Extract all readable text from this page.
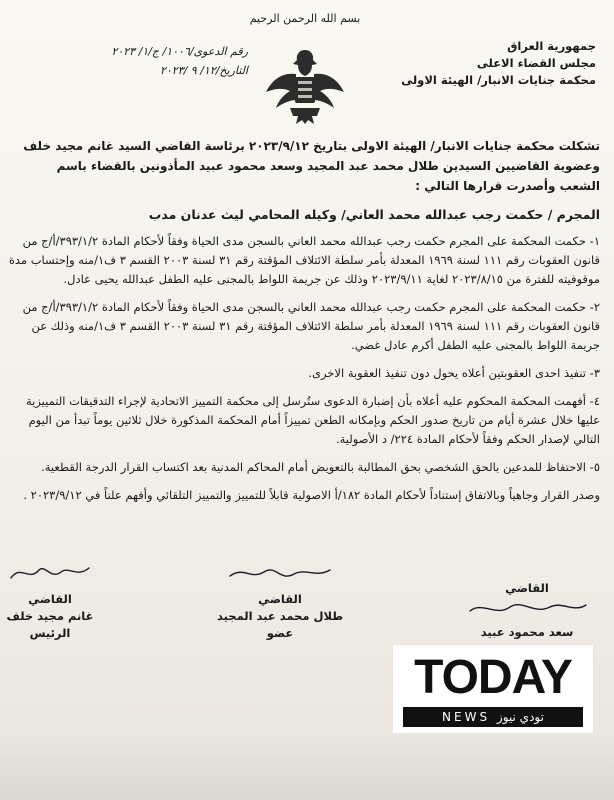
بسم الله الرحمن الرحيم
جمهورية العراق
مجلس القضاء الاعلى
محكمة جنايات الانبار/ الهيئة الاولى
رقم الدعوى/١٠٠٦/ ج/١/ ٢٠٢٣
التاريخ/١٢/ ٩ /٢٠٢٣
تشكلت محكمة جنايات الانبار/ الهيئة الاولى بتاريخ ٢٠٢٣/٩/١٢ برئاسة القاضي السيد غانم مجيد خلف وعضوية القاضيين السيدين طلال محمد عبد المجيد وسعد محمود عبيد المأذونين بالقضاء باسم الشعب وأصدرت قرارها التالي :
المجرم / حكمت رجب عبدالله محمد العاني/ وكيله المحامي ليث عدنان مدب
١- حكمت المحكمة على المجرم حكمت رجب عبدالله محمد العاني بالسجن مدى الحياة وفقاً لأحكام المادة ٣٩٣/١/٢/أ/ج من قانون العقوبات رقم ١١١ لسنة ١٩٦٩ المعدلة بأمر سلطة الائتلاف المؤقتة رقم ٣١ لسنة ٢٠٠٣ القسم ٣ ف١/منه وإحتساب مدة موقوفيته للفترة من ٢٠٢٣/٨/١٥ لغاية ٢٠٢٣/٩/١١ وذلك عن جريمة اللواط بالمجنى عليه الطفل عبدالله يحيى عادل.
٢- حكمت المحكمة على المجرم حكمت رجب عبدالله محمد العاني بالسجن مدى الحياة وفقاً لأحكام المادة ٣٩٣/١/٢/أ/ج من قانون العقوبات رقم ١١١ لسنة ١٩٦٩ المعدلة بأمر سلطة الائتلاف المؤقتة رقم ٣١ لسنة ٢٠٠٣ القسم ٣ ف١/منه وذلك عن جريمة اللواط بالمجنى عليه الطفل أكرم عادل غضي.
٣- تنفيذ احدى العقوبتين أعلاه يحول دون تنفيذ العقوبة الاخرى.
٤- أفهمت المحكمة المحكوم عليه أعلاه بأن إضبارة الدعوى ستُرسل إلى محكمة التمييز الاتحادية لإجراء التدقيقات التمييزية عليها خلال عشرة أيام من تاريخ صدور الحكم وبإمكانه الطعن تمييزاً أمام المحكمة المذكورة خلال ثلاثين يوماً تبدأ من اليوم التالي لإصدار الحكم وفقاً لأحكام المادة ٢٢٤/ د الأصولية.
٥- الاحتفاظ للمدعين بالحق الشخصي بحق المطالبة بالتعويض أمام المحاكم المدنية بعد اكتساب القرار الدرجة القطعية.
وصدر القرار وجاهياً وبالاتفاق إستناداً لأحكام المادة ١٨٢/أ الاصولية قابلاً للتمييز والتمييز التلقائي وأفهم علناً في ٢٠٢٣/٩/١٢ .
القاضي
غانم مجيد خلف
الرئيس
القاضي
طلال محمد عبد المجيد
عضو
القاضي
سعد محمود عبيد
TODAY
NEWS تودي نيوز
